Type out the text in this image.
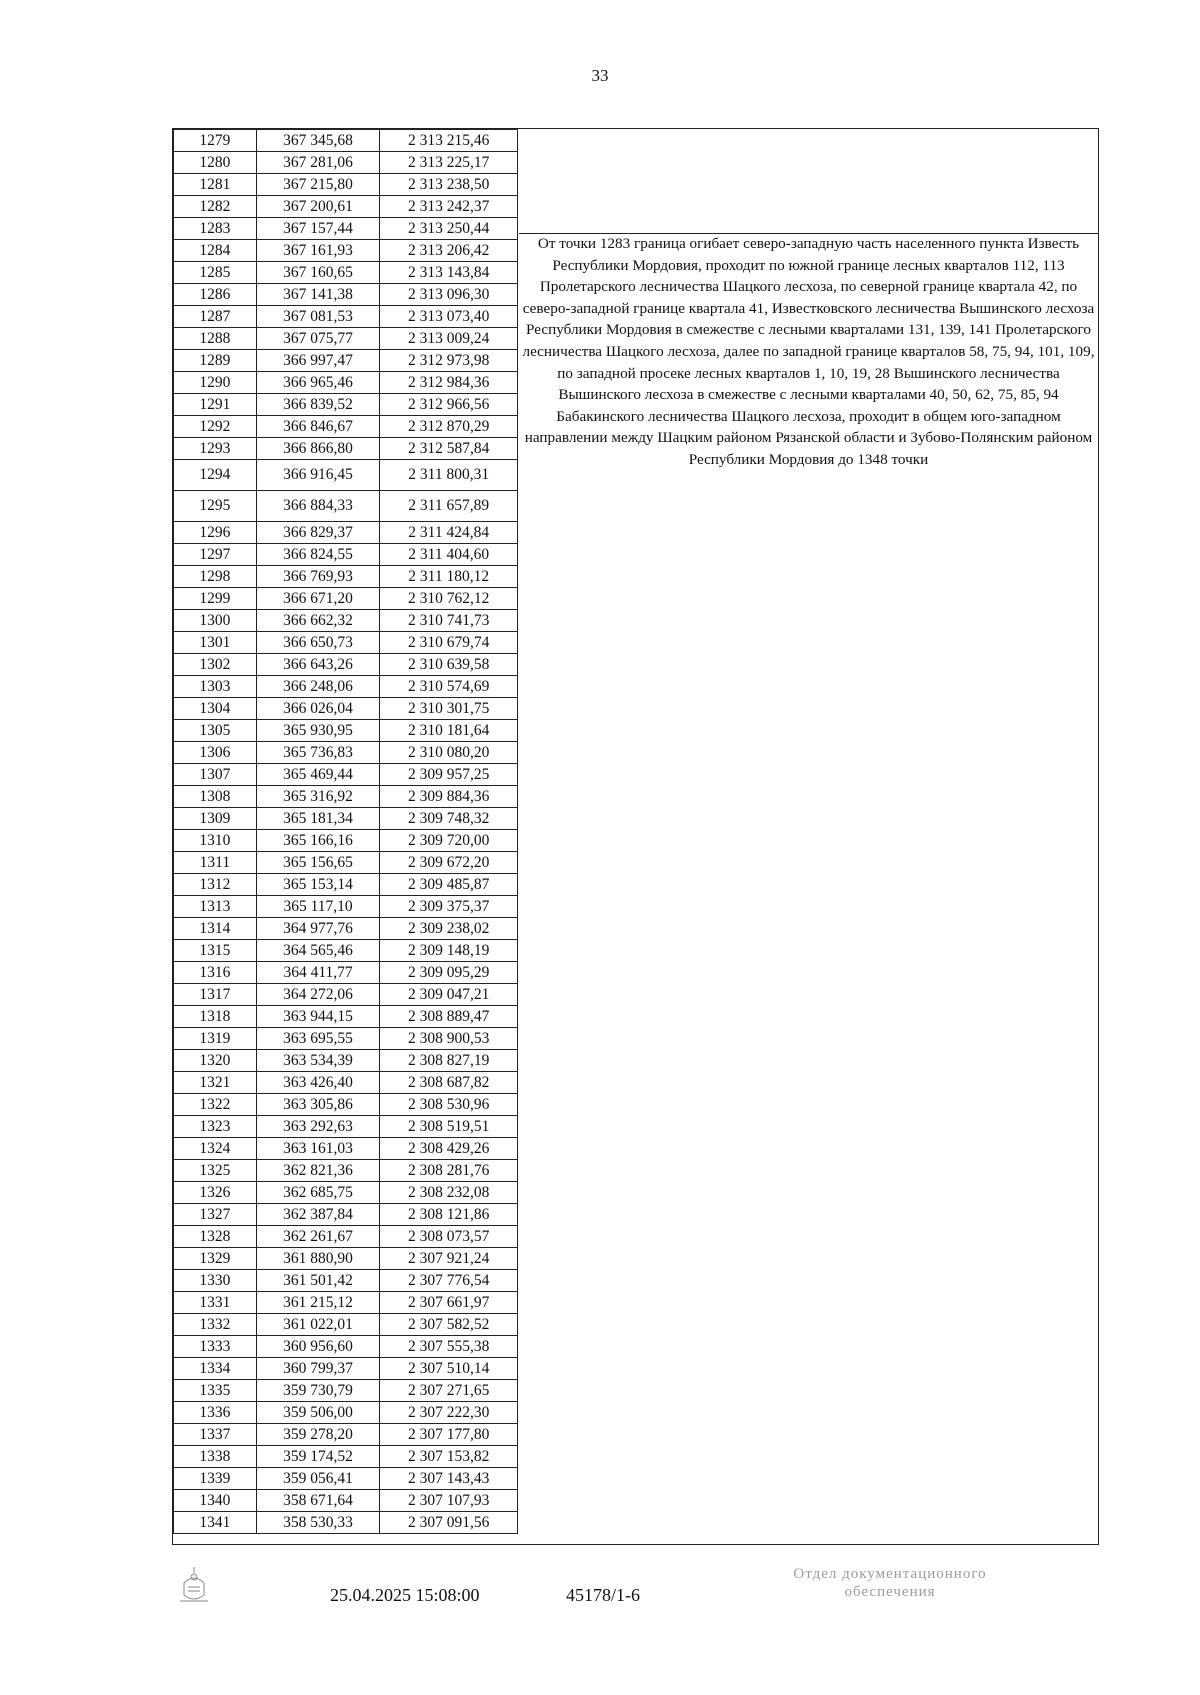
33
1279	367 345,68	2 313 215,46
1280	367 281,06	2 313 225,17
1281	367 215,80	2 313 238,50
1282	367 200,61	2 313 242,37
1283	367 157,44	2 313 250,44
1284	367 161,93	2 313 206,42
1285	367 160,65	2 313 143,84
1286	367 141,38	2 313 096,30
1287	367 081,53	2 313 073,40
1288	367 075,77	2 313 009,24
1289	366 997,47	2 312 973,98
1290	366 965,46	2 312 984,36
1291	366 839,52	2 312 966,56
1292	366 846,67	2 312 870,29
1293	366 866,80	2 312 587,84
1294	366 916,45	2 311 800,31
1295	366 884,33	2 311 657,89
1296	366 829,37	2 311 424,84
1297	366 824,55	2 311 404,60
1298	366 769,93	2 311 180,12
1299	366 671,20	2 310 762,12
1300	366 662,32	2 310 741,73
1301	366 650,73	2 310 679,74
1302	366 643,26	2 310 639,58
1303	366 248,06	2 310 574,69
1304	366 026,04	2 310 301,75
1305	365 930,95	2 310 181,64
1306	365 736,83	2 310 080,20
1307	365 469,44	2 309 957,25
1308	365 316,92	2 309 884,36
1309	365 181,34	2 309 748,32
1310	365 166,16	2 309 720,00
1311	365 156,65	2 309 672,20
1312	365 153,14	2 309 485,87
1313	365 117,10	2 309 375,37
1314	364 977,76	2 309 238,02
1315	364 565,46	2 309 148,19
1316	364 411,77	2 309 095,29
1317	364 272,06	2 309 047,21
1318	363 944,15	2 308 889,47
1319	363 695,55	2 308 900,53
1320	363 534,39	2 308 827,19
1321	363 426,40	2 308 687,82
1322	363 305,86	2 308 530,96
1323	363 292,63	2 308 519,51
1324	363 161,03	2 308 429,26
1325	362 821,36	2 308 281,76
1326	362 685,75	2 308 232,08
1327	362 387,84	2 308 121,86
1328	362 261,67	2 308 073,57
1329	361 880,90	2 307 921,24
1330	361 501,42	2 307 776,54
1331	361 215,12	2 307 661,97
1332	361 022,01	2 307 582,52
1333	360 956,60	2 307 555,38
1334	360 799,37	2 307 510,14
1335	359 730,79	2 307 271,65
1336	359 506,00	2 307 222,30
1337	359 278,20	2 307 177,80
1338	359 174,52	2 307 153,82
1339	359 056,41	2 307 143,43
1340	358 671,64	2 307 107,93
1341	358 530,33	2 307 091,56
От точки 1283 граница огибает северо-западную часть населенного пункта Известь Республики Мордовия, проходит по южной границе лесных кварталов 112, 113 Пролетарского лесничества Шацкого лесхоза, по северной границе квартала 42, по северо-западной границе квартала 41, Известковского лесничества Вышинского лесхоза Республики Мордовия в смежестве с лесными кварталами 131, 139, 141 Пролетарского лесничества Шацкого лесхоза, далее по западной границе кварталов 58, 75, 94, 101, 109, по западной просеке лесных кварталов 1, 10, 19, 28 Вышинского лесничества Вышинского лесхоза в смежестве с лесными кварталами 40, 50, 62, 75, 85, 94 Бабакинского лесничества Шацкого лесхоза, проходит в общем юго-западном направлении между Шацким районом Рязанской области и Зубово-Полянским районом Республики Мордовия до 1348 точки
25.04.2025 15:08:00	45178/1-6
Отдел документационного
обеспечения
